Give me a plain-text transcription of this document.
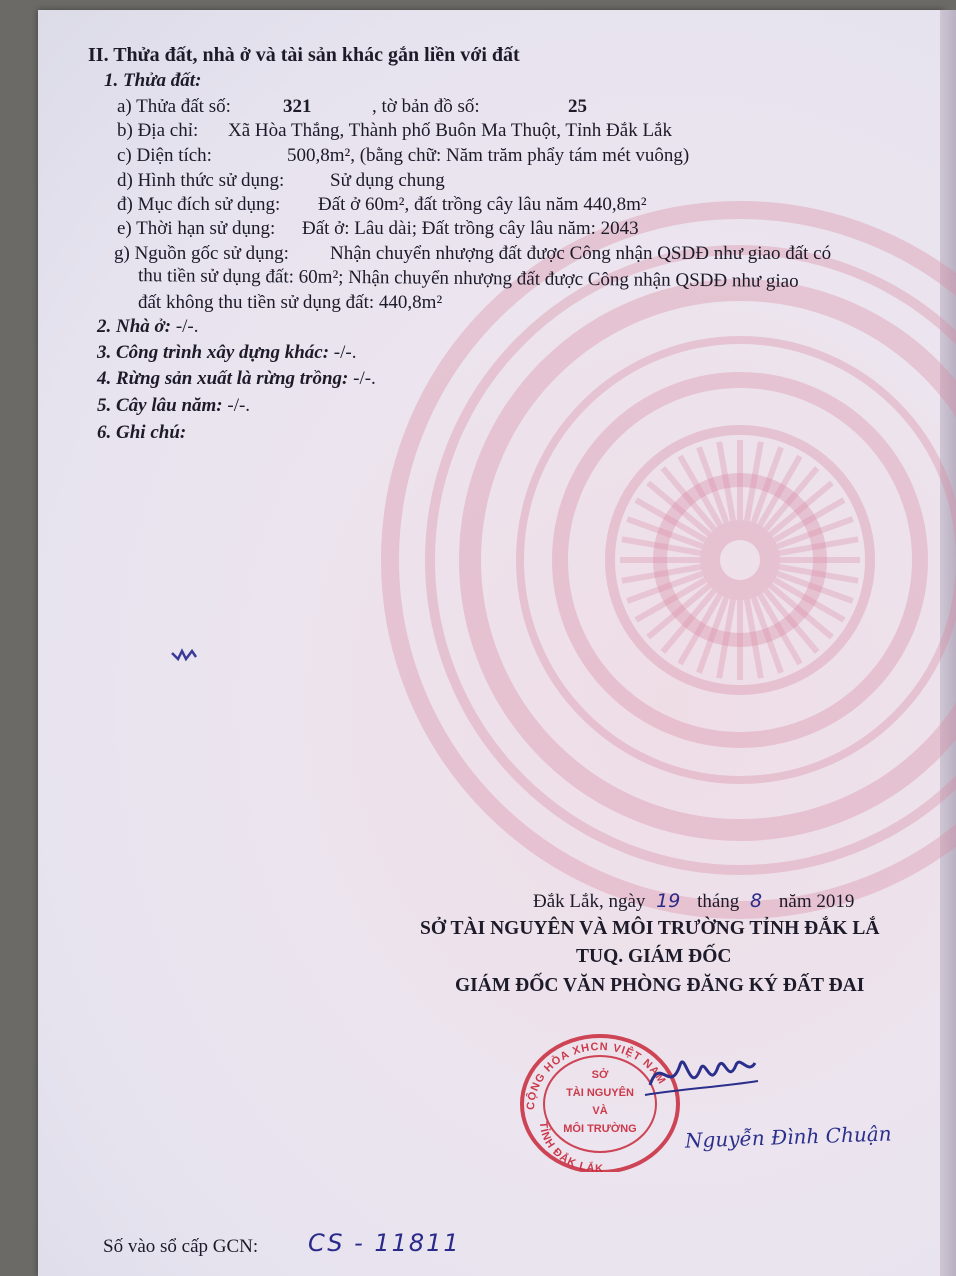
II. Thửa đất, nhà ở và tài sản khác gắn liền với đất
1. Thửa đất:
a) Thửa đất số:	321	, tờ bản đồ số:	25
b) Địa chỉ: Xã Hòa Thắng, Thành phố Buôn Ma Thuột, Tỉnh Đắk Lắk
c) Diện tích:	500,8m², (bằng chữ: Năm trăm phẩy tám mét vuông)
d) Hình thức sử dụng: Sử dụng chung
đ) Mục đích sử dụng: Đất ở 60m², đất trồng cây lâu năm 440,8m²
e) Thời hạn sử dụng: Đất ở: Lâu dài; Đất trồng cây lâu năm: 2043
g) Nguồn gốc sử dụng: Nhận chuyển nhượng đất được Công nhận QSDĐ như giao đất có
thu tiền sử dụng đất: 60m²; Nhận chuyển nhượng đất được Công nhận QSDĐ như giao
đất không thu tiền sử dụng đất: 440,8m²
2. Nhà ở: -/-.
3. Công trình xây dựng khác: -/-.
4. Rừng sản xuất là rừng trồng: -/-.
5. Cây lâu năm: -/-.
6. Ghi chú:
Đắk Lắk, ngày 19 tháng 8 năm 2019
SỞ TÀI NGUYÊN VÀ MÔI TRƯỜNG TỈNH ĐẮK LẮ
TUQ. GIÁM ĐỐC
GIÁM ĐỐC VĂN PHÒNG ĐĂNG KÝ ĐẤT ĐAI
CỘNG HÒA XHCN VIỆT NAM
TỈNH ĐẮK LẮK
SỞ
TÀI NGUYÊN
VÀ
MÔI TRƯỜNG Nguyễn Đình Chuận
Số vào sổ cấp GCN: CS - 11811
